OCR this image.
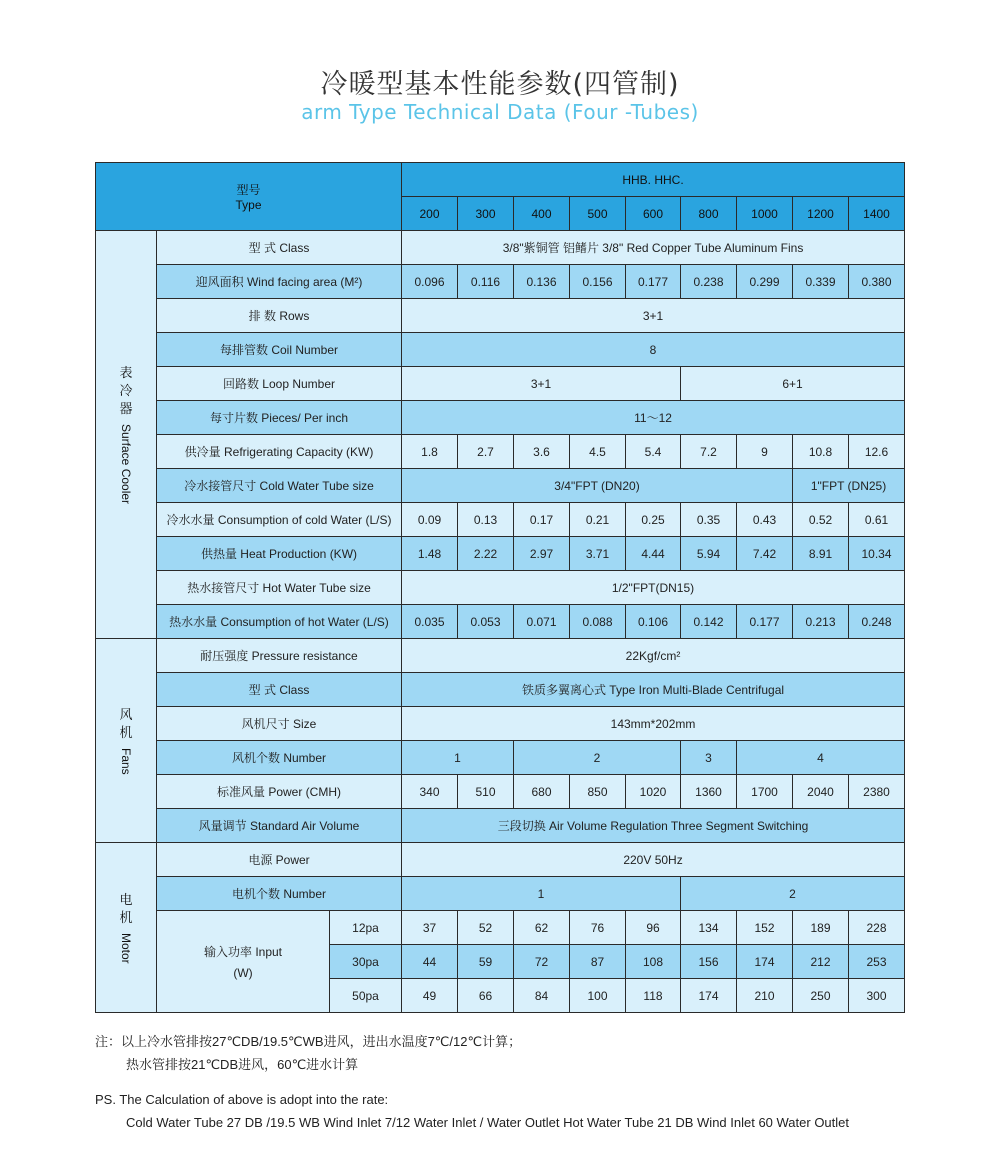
冷暖型基本性能参数(四管制)
arm Type Technical Data (Four -Tubes)
型号
Type			HHB. HHC.								
			200	300	400	500	600	800	1000	1200	1400

表
冷
器
Surface Cooler	型 式 Class		3/8"紫铜管 铝鳍片 3/8" Red Copper Tube Aluminum Fins								
	迎风面积 Wind facing area (M²)		0.096	0.116	0.136	0.156	0.177	0.238	0.299	0.339	0.380
	排 数 Rows		3+1								
	每排管数 Coil Number		8								
	回路数 Loop Number		3+1					6+1			
	每寸片数 Pieces/ Per inch		11～12								
	供冷量 Refrigerating Capacity (KW)		1.8	2.7	3.6	4.5	5.4	7.2	9	10.8	12.6
	冷水接管尺寸 Cold Water Tube size		3/4"FPT (DN20)							1"FPT (DN25)	
	冷水水量 Consumption of cold Water (L/S)		0.09	0.13	0.17	0.21	0.25	0.35	0.43	0.52	0.61
	供热量 Heat Production (KW)		1.48	2.22	2.97	3.71	4.44	5.94	7.42	8.91	10.34
	热水接管尺寸 Hot Water Tube size		1/2"FPT(DN15)								
	热水水量 Consumption of hot Water (L/S)		0.035	0.053	0.071	0.088	0.106	0.142	0.177	0.213	0.248

风
机
Fans	耐压强度 Pressure resistance		22Kgf/cm²								
	型 式 Class		铁质多翼离心式 Type Iron Multi-Blade Centrifugal								
	风机尺寸 Size		143mm*202mm								
	风机个数 Number		1		2			3	4		
	标准风量 Power (CMH)		340	510	680	850	1020	1360	1700	2040	2380
	风量调节 Standard Air Volume		三段切换 Air Volume Regulation Three Segment Switching								

电
机
Motor	电源 Power		220V 50Hz								
	电机个数 Number		1					2			

	输入功率 Input
(W)	12pa	37	52	62	76	96	134	152	189	228
		30pa	44	59	72	87	108	156	174	212	253
		50pa	49	66	84	100	118	174	210	250	300
注：以上冷水管排按27℃DB/19.5℃WB进风，进出水温度7℃/12℃计算；
热水管排按21℃DB进风，60℃进水计算
PS. The Calculation of above is adopt into the rate:
Cold Water Tube 27 DB /19.5 WB Wind Inlet 7/12 Water Inlet / Water Outlet Hot Water Tube 21 DB Wind Inlet 60 Water Outlet
